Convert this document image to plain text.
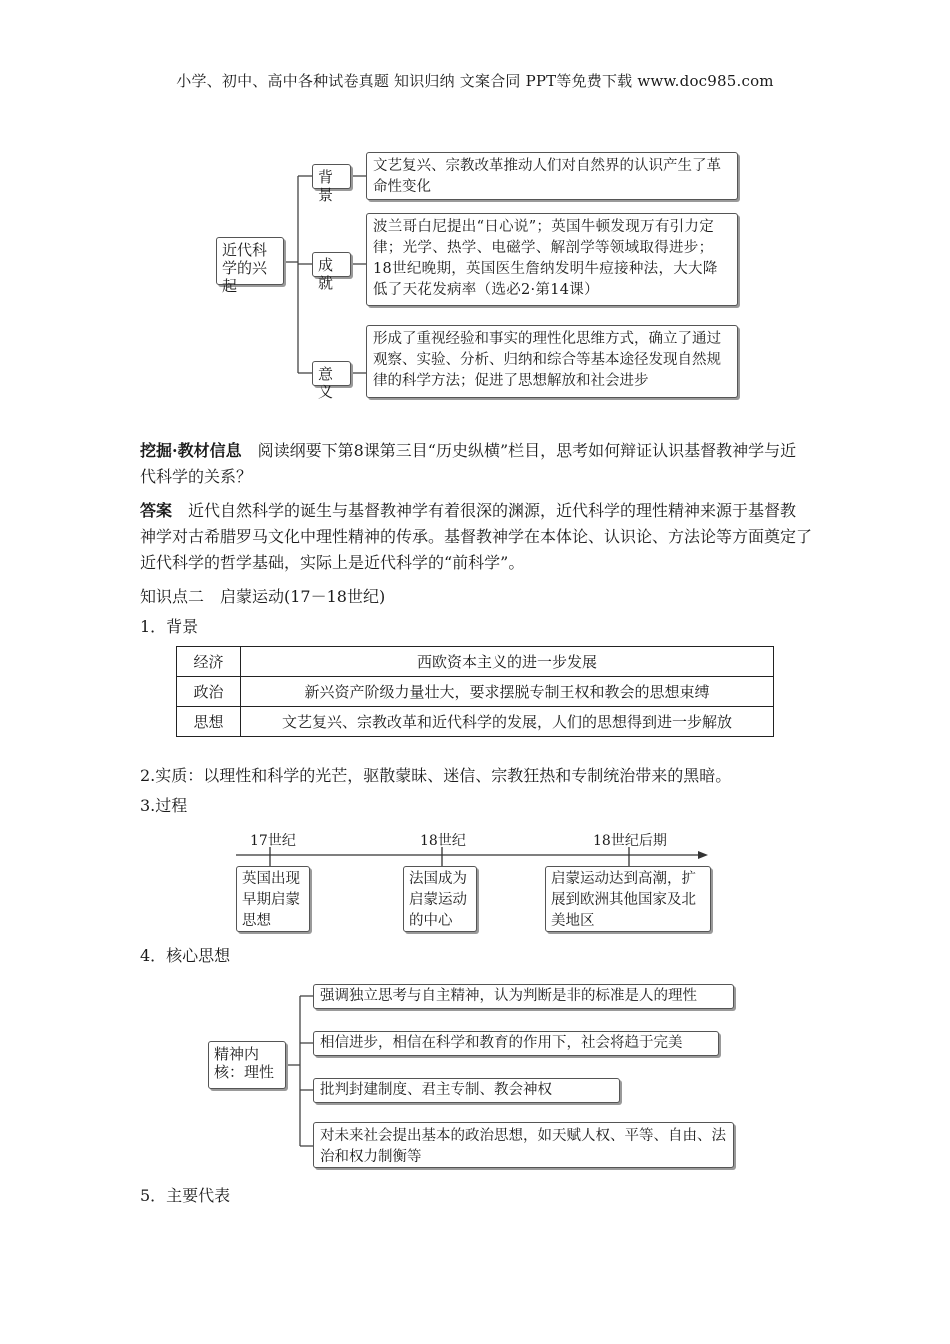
小学、初中、高中各种试卷真题 知识归纳 文案合同 PPT等免费下载 www.doc985.com
近代科学的兴起
背景
文艺复兴、宗教改革推动人们对自然界的认识产生了革命性变化
成就
波兰哥白尼提出“日心说”；英国牛顿发现万有引力定律；光学、热学、电磁学、解剖学等领域取得进步；18世纪晚期，英国医生詹纳发明牛痘接种法，大大降低了天花发病率（选必2·第14课）
意义
形成了重视经验和事实的理性化思维方式，确立了通过观察、实验、分析、归纳和综合等基本途径发现自然规律的科学方法；促进了思想解放和社会进步
挖掘·教材信息　 阅读纲要下第8课第三目“历史纵横”栏目，思考如何辩证认识基督教神学与近代科学的关系？
答案　 近代自然科学的诞生与基督教神学有着很深的渊源，近代科学的理性精神来源于基督教神学对古希腊罗马文化中理性精神的传承。基督教神学在本体论、认识论、方法论等方面奠定了近代科学的哲学基础，实际上是近代科学的“前科学”。
知识点二　启蒙运动(17－18世纪)
1．背景
经济	西欧资本主义的进一步发展
政治	新兴资产阶级力量壮大，要求摆脱专制王权和教会的思想束缚
思想	文艺复兴、宗教改革和近代科学的发展，人们的思想得到进一步解放
2.实质：以理性和科学的光芒，驱散蒙昧、迷信、宗教狂热和专制统治带来的黑暗。
3.过程
17世纪	18世纪	18世纪后期
英国出现早期启蒙思想
法国成为启蒙运动的中心
启蒙运动达到高潮，扩展到欧洲其他国家及北美地区
4．核心思想
精神内核：理性
强调独立思考与自主精神，认为判断是非的标准是人的理性
相信进步，相信在科学和教育的作用下，社会将趋于完美
批判封建制度、君主专制、教会神权
对未来社会提出基本的政治思想，如天赋人权、平等、自由、法治和权力制衡等
5．主要代表
